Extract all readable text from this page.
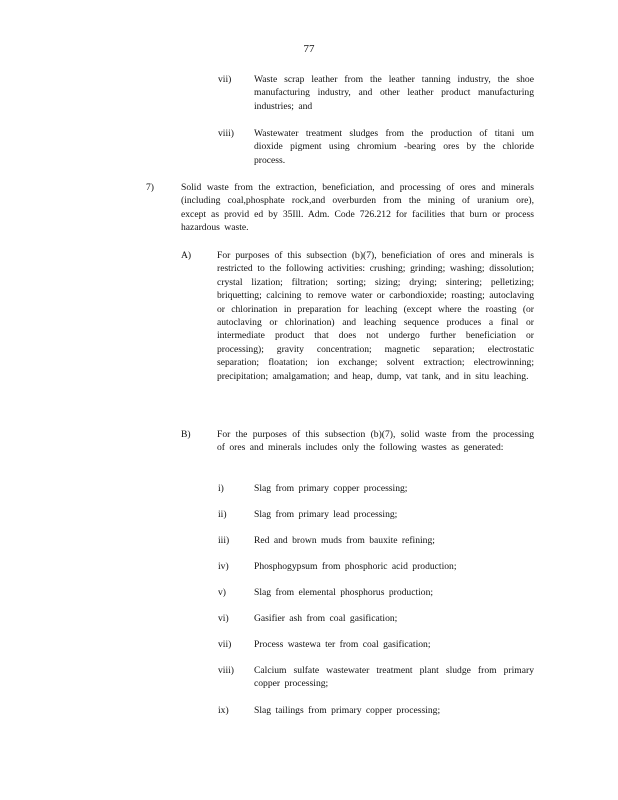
77
vii) Waste scrap leather from the leather tanning industry, the shoe manufacturing industry, and other leather product manufacturing industries; and
viii) Wastewater treatment sludges from the production of titani um dioxide pigment using chromium -bearing ores by the chloride process.
7)	Solid waste from the extraction, beneficiation, and processing of ores and minerals (including coal,phosphate rock,and overburden from the mining of uranium ore), except as provid ed by 35Ill. Adm. Code 726.212 for facilities that burn or process hazardous waste.
A)	For purposes of this subsection (b)(7), beneficiation of ores and minerals is restricted to the following activities: crushing; grinding; washing; dissolution; crystal lization; filtration; sorting; sizing; drying; sintering; pelletizing; briquetting; calcining to remove water or carbondioxide; roasting; autoclaving or chlorination in preparation for leaching (except where the roasting (or autoclaving or chlorination) and leaching sequence produces a final or intermediate product that does not undergo further beneficiation or processing); gravity concentration; magnetic separation; electrostatic separation; floatation; ion exchange; solvent extraction; electrowinning; precipitation; amalgamation; and heap, dump, vat tank, and in situ leaching.
B)	For the purposes of this subsection (b)(7), solid waste from the processing of ores and minerals includes only the following wastes as generated:
i)	Slag from primary copper processing;
ii)	Slag from primary lead processing;
iii)	Red and brown muds from bauxite refining;
iv)	Phosphogypsum from phosphoric acid production;
v)	Slag from elemental phosphorus production;
vi)	Gasifier ash from coal gasification;
vii) Process wastewa ter from coal gasification;
viii) Calcium sulfate wastewater treatment plant sludge from primary copper processing;
ix)	Slag tailings from primary copper processing;
